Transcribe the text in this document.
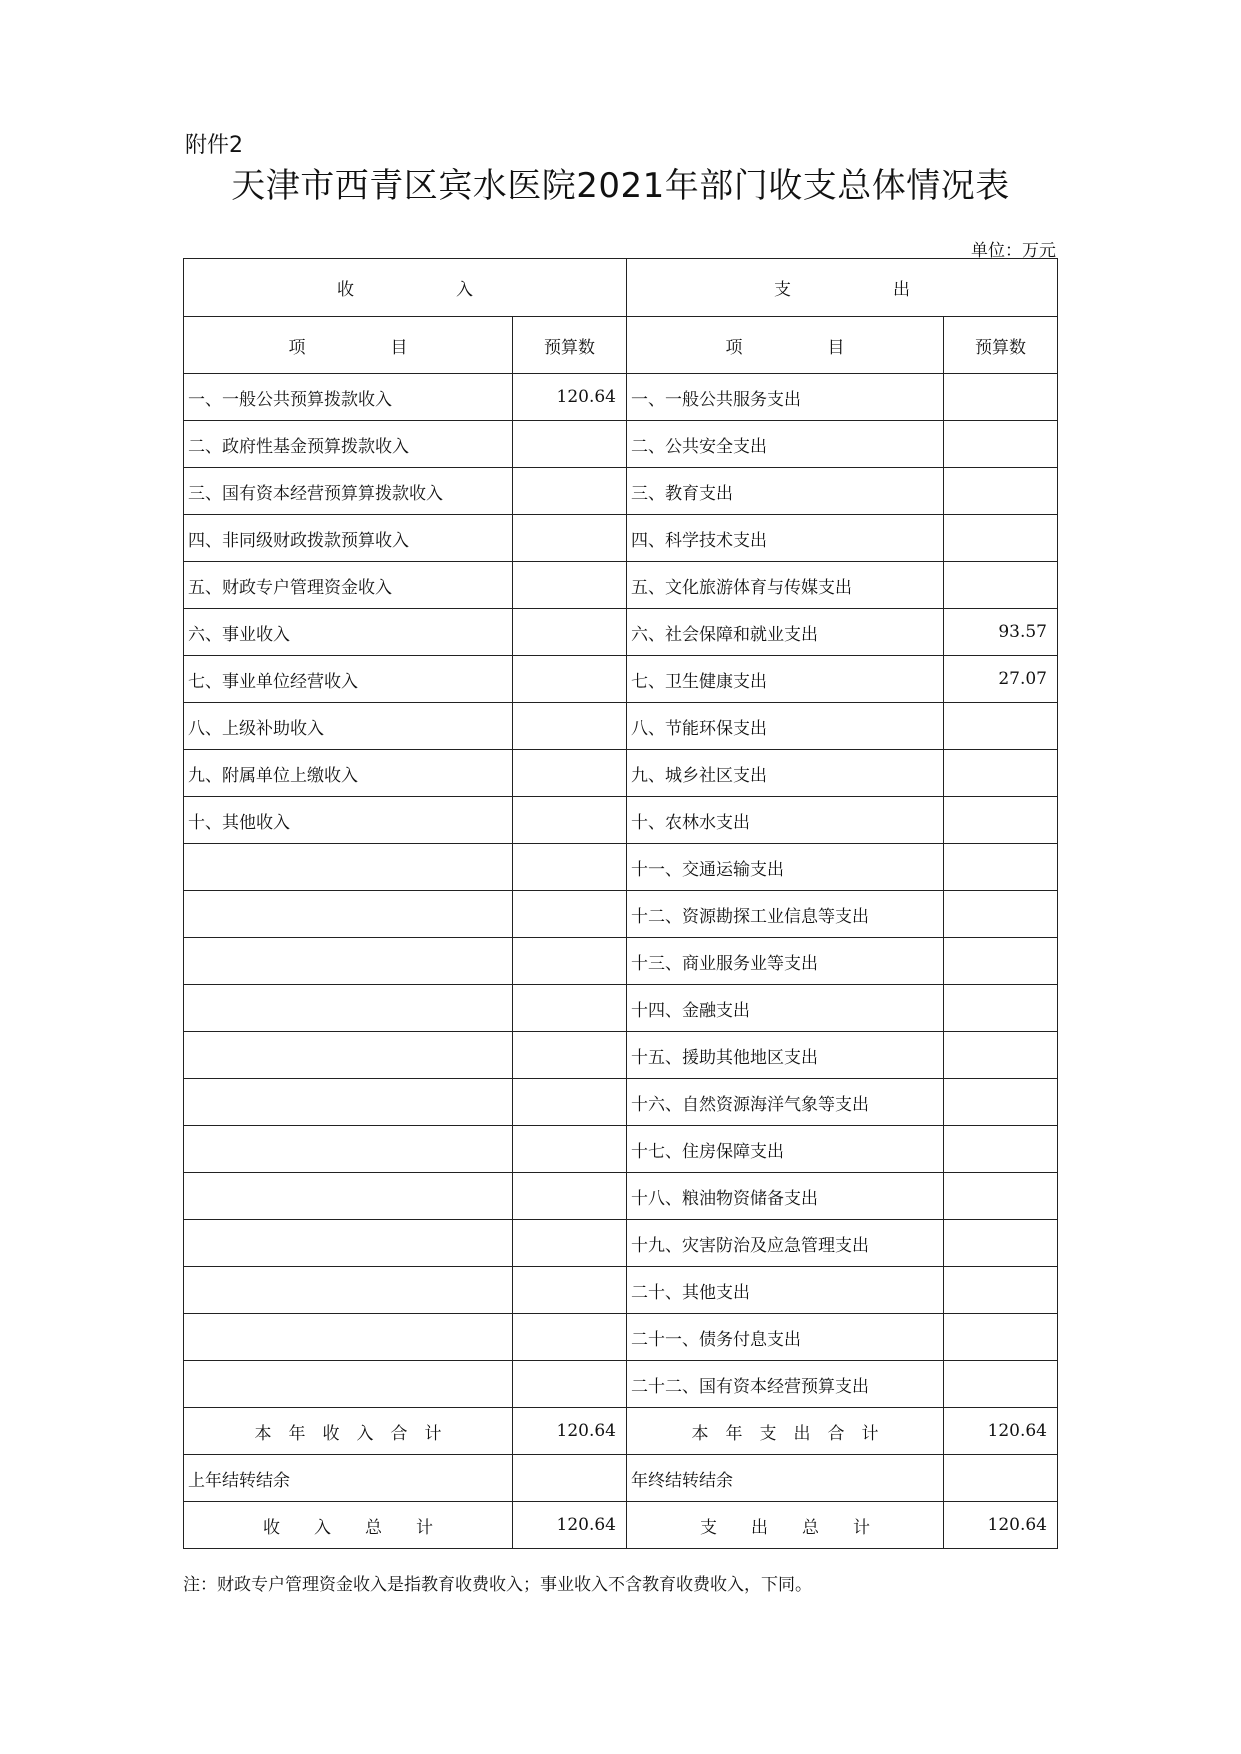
附件2
天津市西青区宾水医院2021年部门收支总体情况表
单位：万元
收　　　　　　入		支　　　　　　出	
项　　　　　目	预算数	项　　　　　目	预算数
一、一般公共预算拨款收入	120.64	一、一般公共服务支出	
二、政府性基金预算拨款收入		二、公共安全支出	
三、国有资本经营预算算拨款收入		三、教育支出	
四、非同级财政拨款预算收入		四、科学技术支出	
五、财政专户管理资金收入		五、文化旅游体育与传媒支出	
六、事业收入		六、社会保障和就业支出	93.57
七、事业单位经营收入		七、卫生健康支出	27.07
八、上级补助收入		八、节能环保支出	
九、附属单位上缴收入		九、城乡社区支出	
十、其他收入		十、农林水支出	
		十一、交通运输支出	
		十二、资源勘探工业信息等支出	
		十三、商业服务业等支出	
		十四、金融支出	
		十五、援助其他地区支出	
		十六、自然资源海洋气象等支出	
		十七、住房保障支出	
		十八、粮油物资储备支出	
		十九、灾害防治及应急管理支出	
		二十、其他支出	
		二十一、债务付息支出	
		二十二、国有资本经营预算支出	
本　年　收　入　合　计	120.64	本　年　支　出　合　计	120.64
上年结转结余		年终结转结余	
收　　入　　总　　计	120.64	支　　出　　总　　计	120.64
注：财政专户管理资金收入是指教育收费收入；事业收入不含教育收费收入，下同。
